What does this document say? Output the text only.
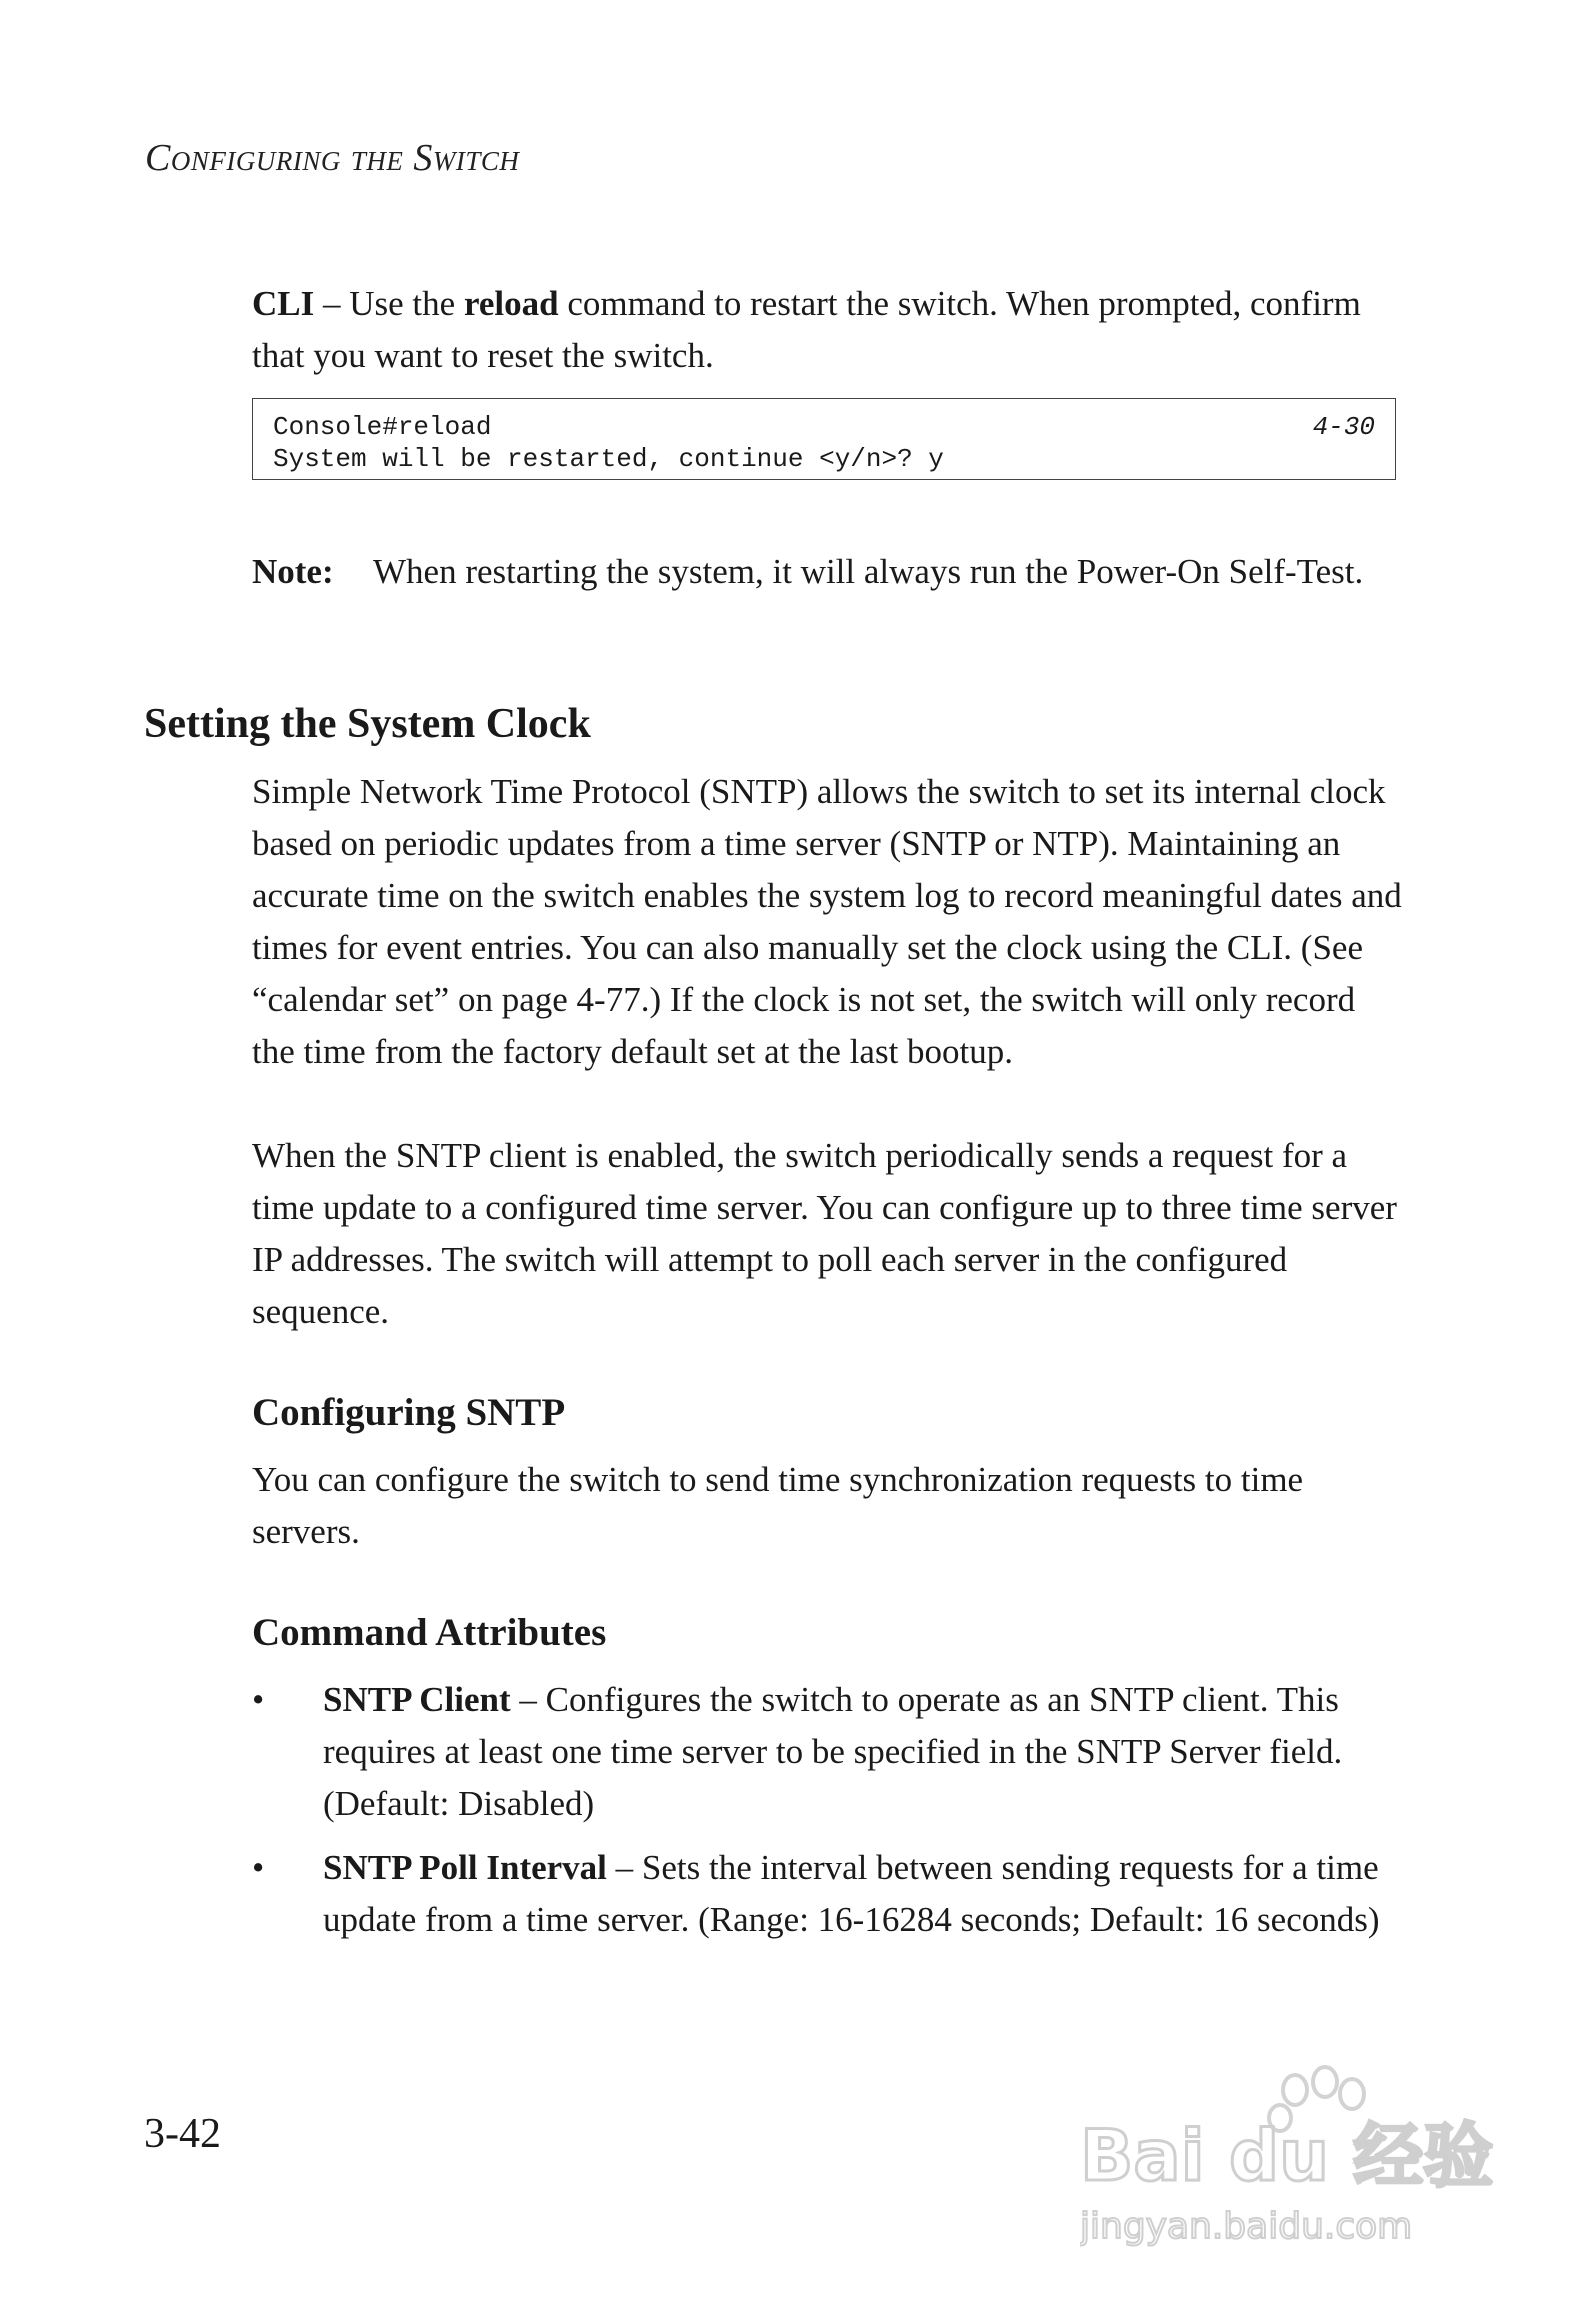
Configuring the Switch
CLI – Use the reload command to restart the switch. When prompted, confirm that you want to reset the switch.
Console#reload	4-30
System will be restarted, continue <y/n>? y
Note: When restarting the system, it will always run the Power-On Self-Test.
Setting the System Clock
Simple Network Time Protocol (SNTP) allows the switch to set its internal clock based on periodic updates from a time server (SNTP or NTP). Maintaining an accurate time on the switch enables the system log to record meaningful dates and times for event entries. You can also manually set the clock using the CLI. (See “calendar set” on page 4-77.) If the clock is not set, the switch will only record the time from the factory default set at the last bootup.
When the SNTP client is enabled, the switch periodically sends a request for a time update to a configured time server. You can configure up to three time server IP addresses. The switch will attempt to poll each server in the configured sequence.
Configuring SNTP
You can configure the switch to send time synchronization requests to time servers.
Command Attributes
• SNTP Client – Configures the switch to operate as an SNTP client. This requires at least one time server to be specified in the SNTP Server field. (Default: Disabled)
• SNTP Poll Interval – Sets the interval between sending requests for a time update from a time server. (Range: 16-16284 seconds; Default: 16 seconds)
3-42	Bai du 经验
jingyan.baidu.com
